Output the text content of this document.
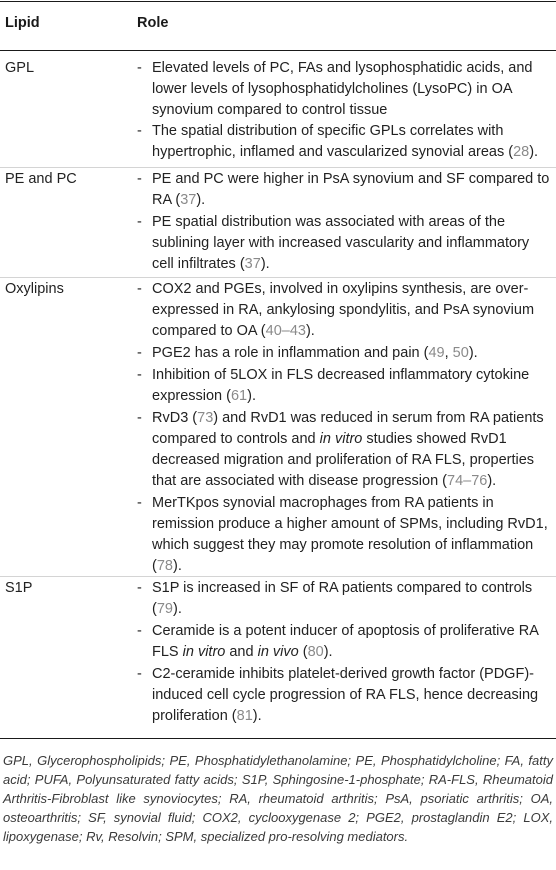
Lipid	Role
GPL	- Elevated levels of PC, FAs and lysophosphatidic acids, and lower levels of lysophosphatidylcholines (LysoPC) in OA synovium compared to control tissue
- The spatial distribution of specific GPLs correlates with hypertrophic, inflamed and vascularized synovial areas (28).
PE and PC	- PE and PC were higher in PsA synovium and SF compared to RA (37).
- PE spatial distribution was associated with areas of the sublining layer with increased vascularity and inflammatory cell infiltrates (37).
Oxylipins	- COX2 and PGEs, involved in oxylipins synthesis, are over-expressed in RA, ankylosing spondylitis, and PsA synovium compared to OA (40–43).
- PGE2 has a role in inflammation and pain (49, 50).
- Inhibition of 5LOX in FLS decreased inflammatory cytokine expression (61).
- RvD3 (73) and RvD1 was reduced in serum from RA patients compared to controls and in vitro studies showed RvD1 decreased migration and proliferation of RA FLS, properties that are associated with disease progression (74–76).
- MerTKpos synovial macrophages from RA patients in remission produce a higher amount of SPMs, including RvD1, which suggest they may promote resolution of inflammation (78).
S1P	- S1P is increased in SF of RA patients compared to controls (79).
- Ceramide is a potent inducer of apoptosis of proliferative RA FLS in vitro and in vivo (80).
- C2-ceramide inhibits platelet-derived growth factor (PDGF)-induced cell cycle progression of RA FLS, hence decreasing proliferation (81).
GPL, Glycerophospholipids; PE, Phosphatidylethanolamine; PE, Phosphatidylcholine; FA, fatty acid; PUFA, Polyunsaturated fatty acids; S1P, Sphingosine-1-phosphate; RA-FLS, Rheumatoid Arthritis-Fibroblast like synoviocytes; RA, rheumatoid arthritis; PsA, psoriatic arthritis; OA, osteoarthritis; SF, synovial fluid; COX2, cyclooxygenase 2; PGE2, prostaglandin E2; LOX, lipoxygenase; Rv, Resolvin; SPM, specialized pro-resolving mediators.
